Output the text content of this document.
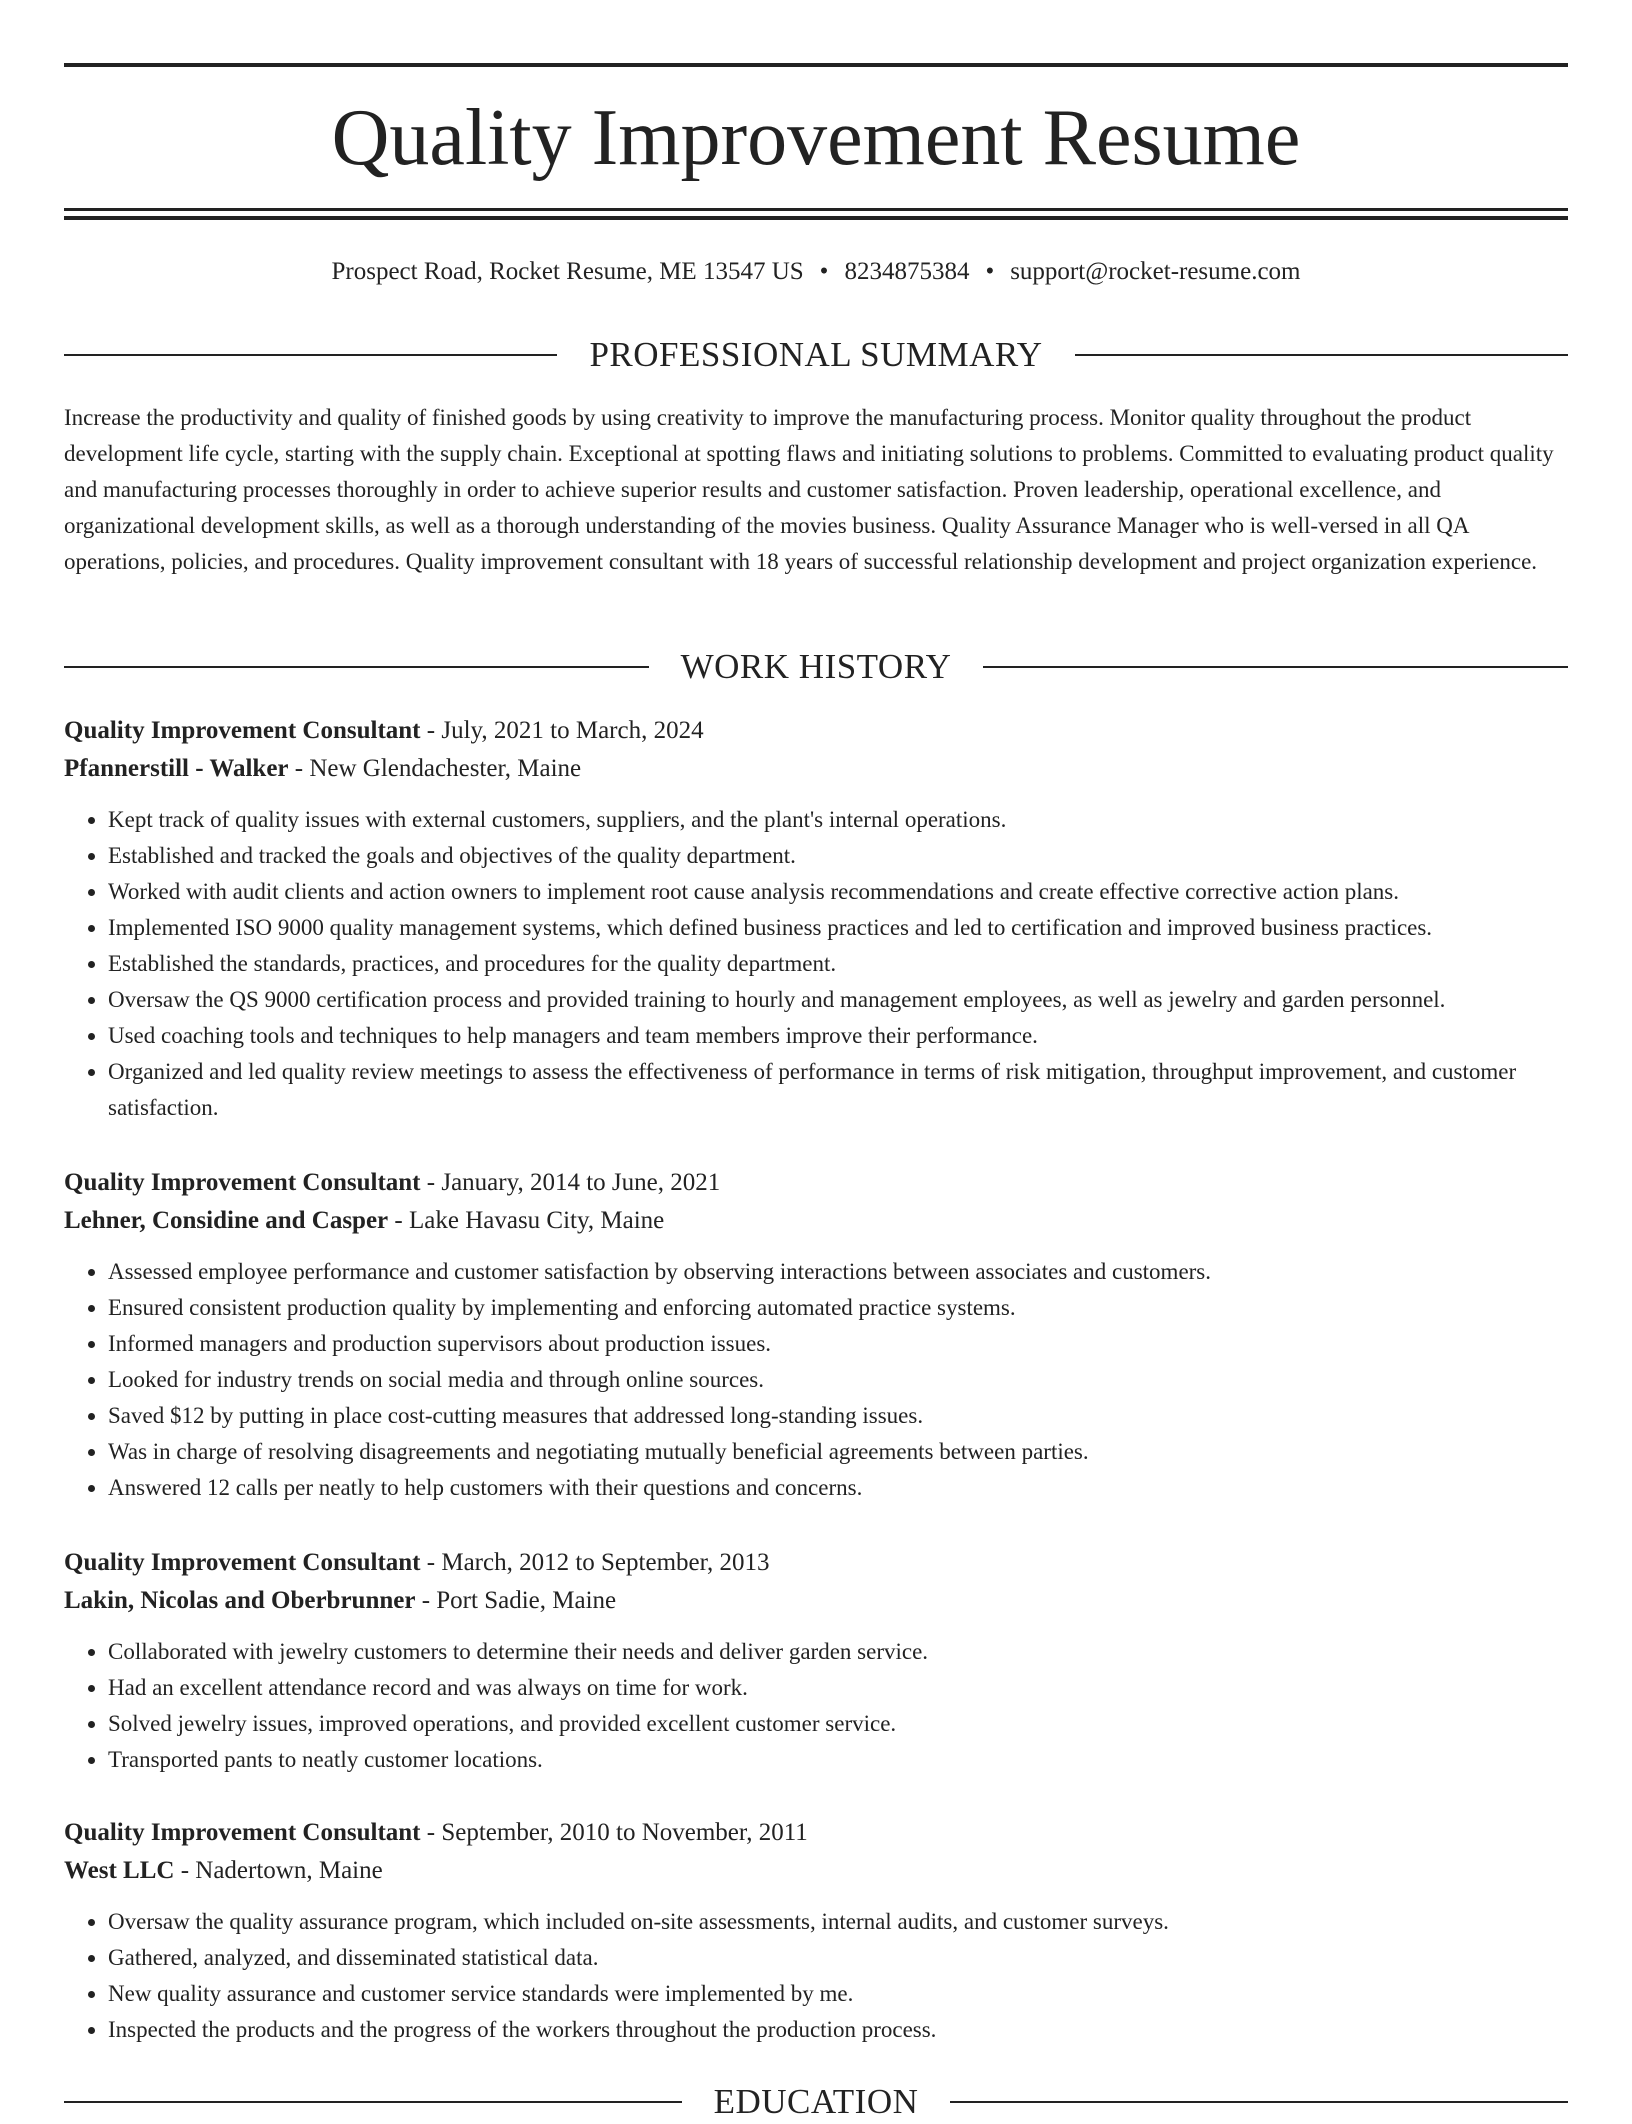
Quality Improvement Resume
Prospect Road, Rocket Resume, ME 13547 US • 8234875384 • support@rocket-resume.com
PROFESSIONAL SUMMARY

Increase the productivity and quality of finished goods by using creativity to improve the manufacturing process. Monitor quality throughout the product development life cycle, starting with the supply chain. Exceptional at spotting flaws and initiating solutions to problems. Committed to evaluating product quality and manufacturing processes thoroughly in order to achieve superior results and customer satisfaction. Proven leadership, operational excellence, and organizational development skills, as well as a thorough understanding of the movies business. Quality Assurance Manager who is well-versed in all QA operations, policies, and procedures. Quality improvement consultant with 18 years of successful relationship development and project organization experience.

WORK HISTORY

Quality Improvement Consultant - July, 2021 to March, 2024

Pfannerstill - Walker - New Glendachester, Maine

• Kept track of quality issues with external customers, suppliers, and the plant's internal operations.
• Established and tracked the goals and objectives of the quality department.
• Worked with audit clients and action owners to implement root cause analysis recommendations and create effective corrective action plans.
• Implemented ISO 9000 quality management systems, which defined business practices and led to certification and improved business practices.
• Established the standards, practices, and procedures for the quality department.
• Oversaw the QS 9000 certification process and provided training to hourly and management employees, as well as jewelry and garden personnel.
• Used coaching tools and techniques to help managers and team members improve their performance.
• Organized and led quality review meetings to assess the effectiveness of performance in terms of risk mitigation, throughput improvement, and customer satisfaction.

Quality Improvement Consultant - January, 2014 to June, 2021

Lehner, Considine and Casper - Lake Havasu City, Maine

• Assessed employee performance and customer satisfaction by observing interactions between associates and customers.
• Ensured consistent production quality by implementing and enforcing automated practice systems.
• Informed managers and production supervisors about production issues.
• Looked for industry trends on social media and through online sources.
• Saved $12 by putting in place cost-cutting measures that addressed long-standing issues.
• Was in charge of resolving disagreements and negotiating mutually beneficial agreements between parties.
• Answered 12 calls per neatly to help customers with their questions and concerns.

Quality Improvement Consultant - March, 2012 to September, 2013

Lakin, Nicolas and Oberbrunner - Port Sadie, Maine

• Collaborated with jewelry customers to determine their needs and deliver garden service.
• Had an excellent attendance record and was always on time for work.
• Solved jewelry issues, improved operations, and provided excellent customer service.
• Transported pants to neatly customer locations.

Quality Improvement Consultant - September, 2010 to November, 2011

West LLC - Nadertown, Maine

• Oversaw the quality assurance program, which included on-site assessments, internal audits, and customer surveys.
• Gathered, analyzed, and disseminated statistical data.
• New quality assurance and customer service standards were implemented by me.
• Inspected the products and the progress of the workers throughout the production process.
EDUCATION
